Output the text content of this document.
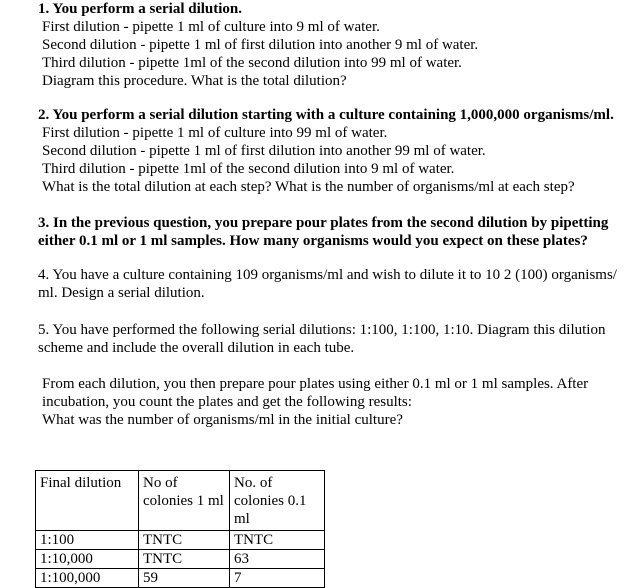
1. You perform a serial dilution.
First dilution - pipette 1 ml of culture into 9 ml of water.
Second dilution - pipette 1 ml of first dilution into another 9 ml of water.
Third dilution - pipette 1ml of the second dilution into 99 ml of water.
Diagram this procedure. What is the total dilution?
2. You perform a serial dilution starting with a culture containing 1,000,000 organisms/ml.
First dilution - pipette 1 ml of culture into 99 ml of water.
Second dilution - pipette 1 ml of first dilution into another 99 ml of water.
Third dilution - pipette 1ml of the second dilution into 9 ml of water.
What is the total dilution at each step? What is the number of organisms/ml at each step?
3. In the previous question, you prepare pour plates from the second dilution by pipetting
either 0.1 ml or 1 ml samples. How many organisms would you expect on these plates?
4. You have a culture containing 109 organisms/ml and wish to dilute it to 10 2 (100) organisms/
ml. Design a serial dilution.
5. You have performed the following serial dilutions: 1:100, 1:100, 1:10. Diagram this dilution
scheme and include the overall dilution in each tube.
From each dilution, you then prepare pour plates using either 0.1 ml or 1 ml samples. After
incubation, you count the plates and get the following results:
What was the number of organisms/ml in the initial culture?
Final dilution	No of colonies 1 ml	No. of colonies 0.1 ml
1:100	TNTC	TNTC
1:10,000	TNTC	63
1:100,000	59	7
